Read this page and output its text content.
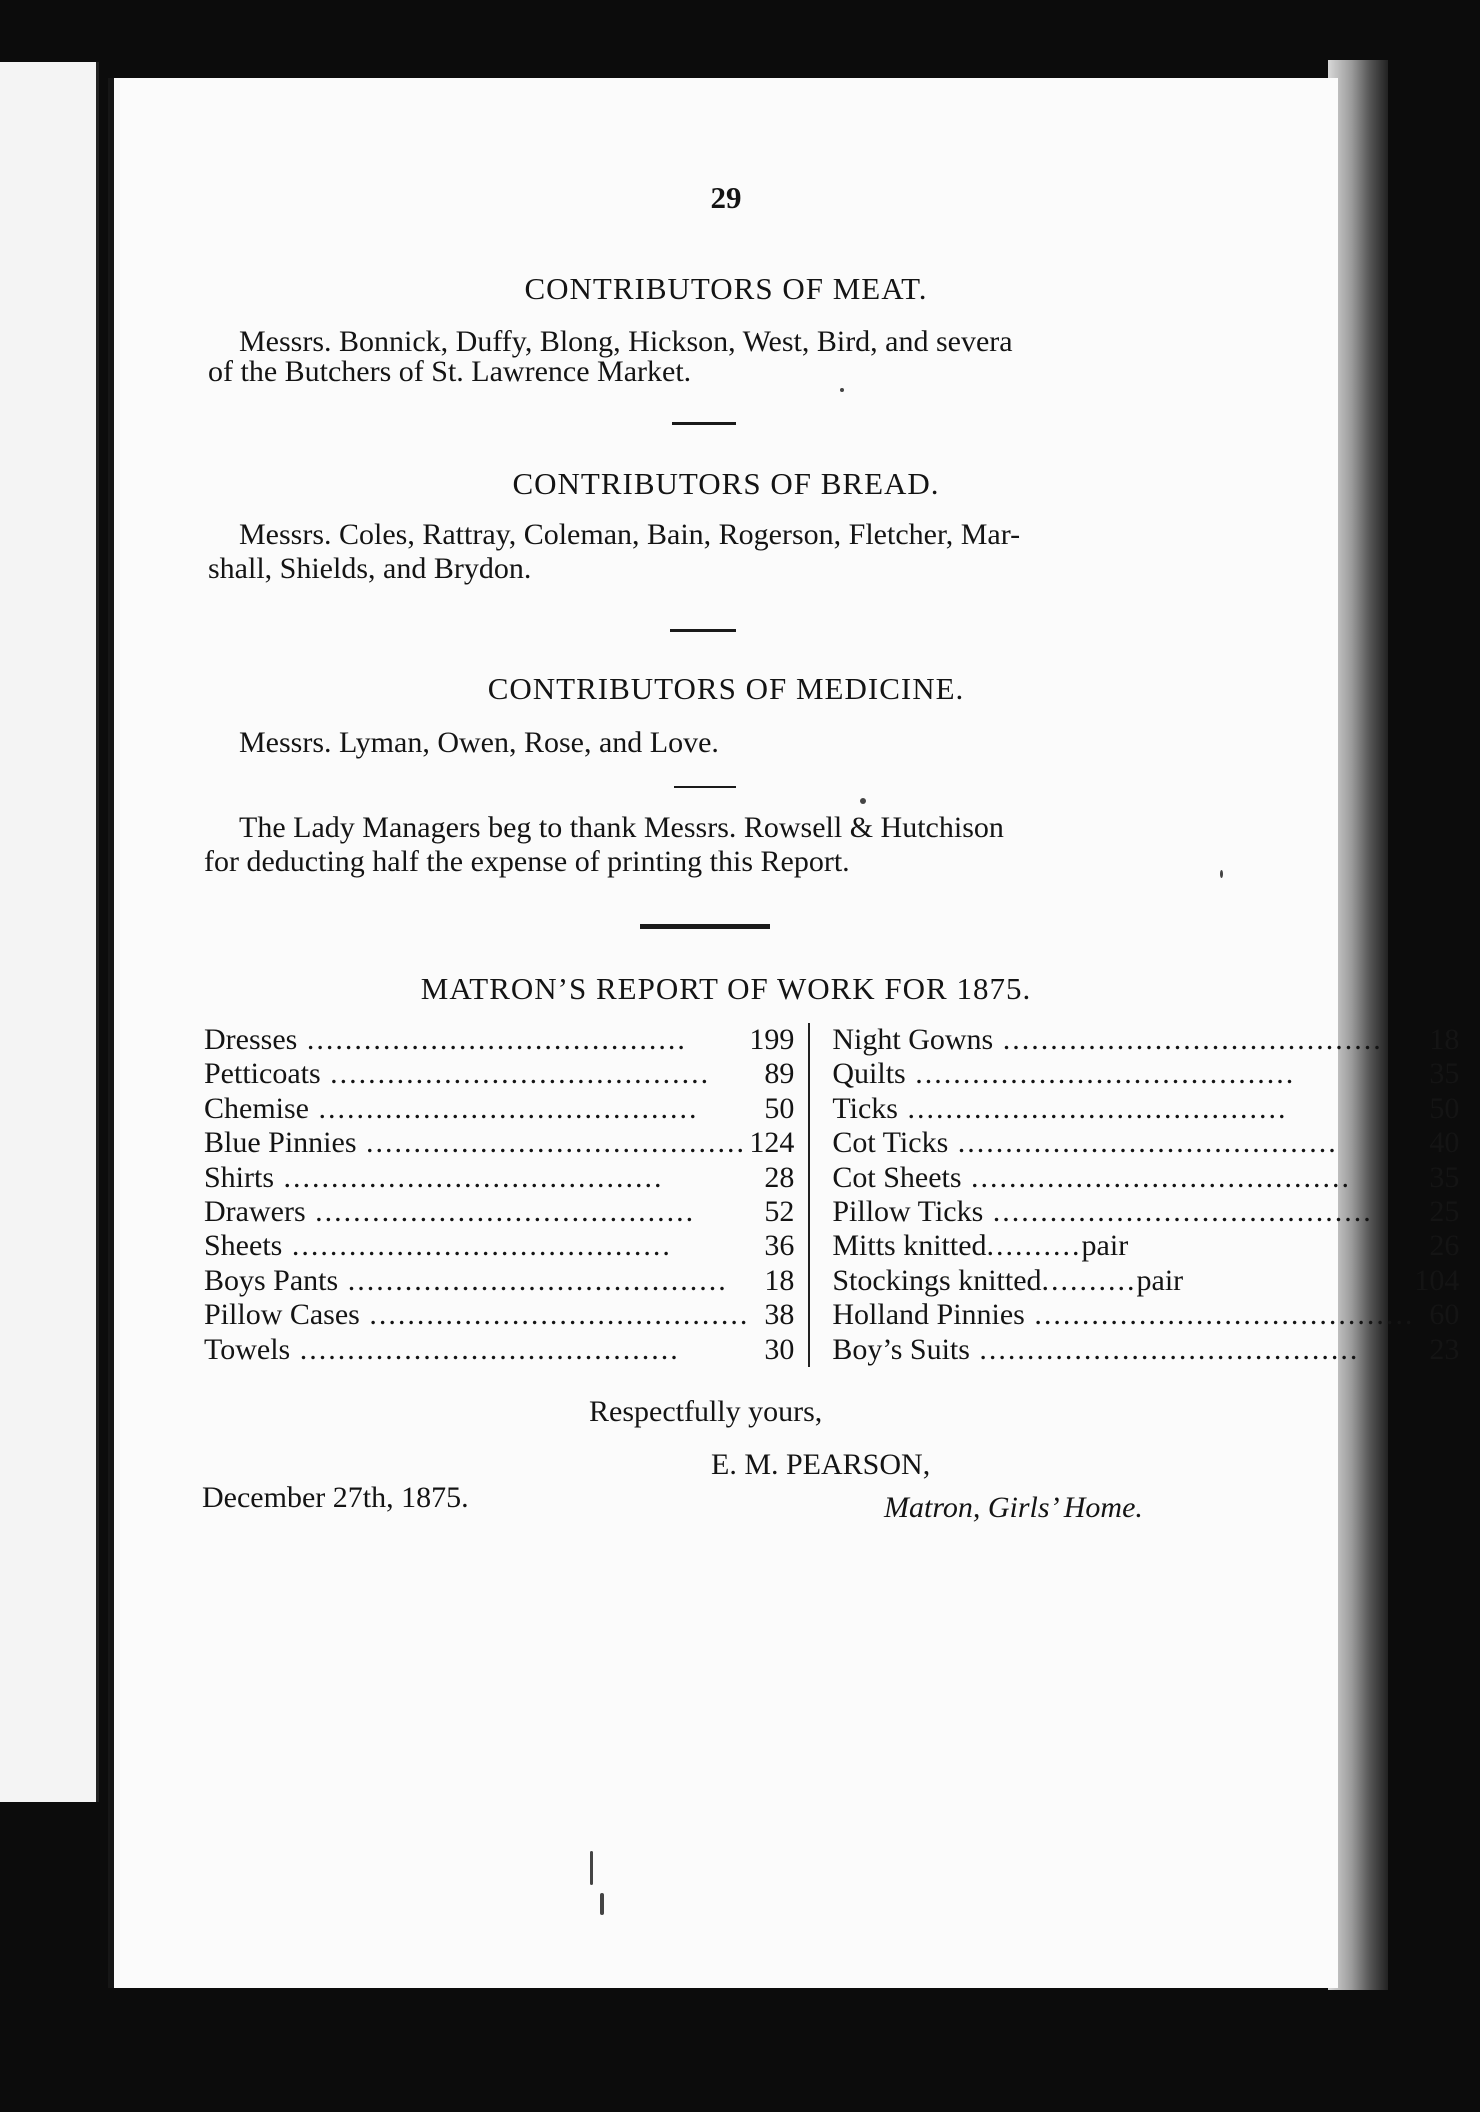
29
CONTRIBUTORS OF MEAT.
Messrs. Bonnick, Duffy, Blong, Hickson, West, Bird, and severa
of the Butchers of St. Lawrence Market.
CONTRIBUTORS OF BREAD.
Messrs. Coles, Rattray, Coleman, Bain, Rogerson, Fletcher, Mar-
shall, Shields, and Brydon.
CONTRIBUTORS OF MEDICINE.
Messrs. Lyman, Owen, Rose, and Love.
The Lady Managers beg to thank Messrs. Rowsell & Hutchison
for deducting half the expense of printing this Report.
MATRON’S REPORT OF WORK FOR 1875.
Dresses ........................................	199		Night Gowns ........................................	18
Petticoats ........................................	89		Quilts ........................................	35
Chemise ........................................	50		Ticks ........................................	50
Blue Pinnies ........................................	124		Cot Ticks ........................................	40
Shirts ........................................	28		Cot Sheets ........................................	35
Drawers ........................................	52		Pillow Ticks ........................................	25
Sheets ........................................	36		Mitts knitted..........pair	26
Boys Pants ........................................	18		Stockings knitted..........pair	104
Pillow Cases ........................................	38		Holland Pinnies ........................................	60
Towels ........................................	30		Boy’s Suits ........................................	23
Respectfully yours,
E. M. PEARSON,
December 27th, 1875.	Matron, Girls’ Home.
